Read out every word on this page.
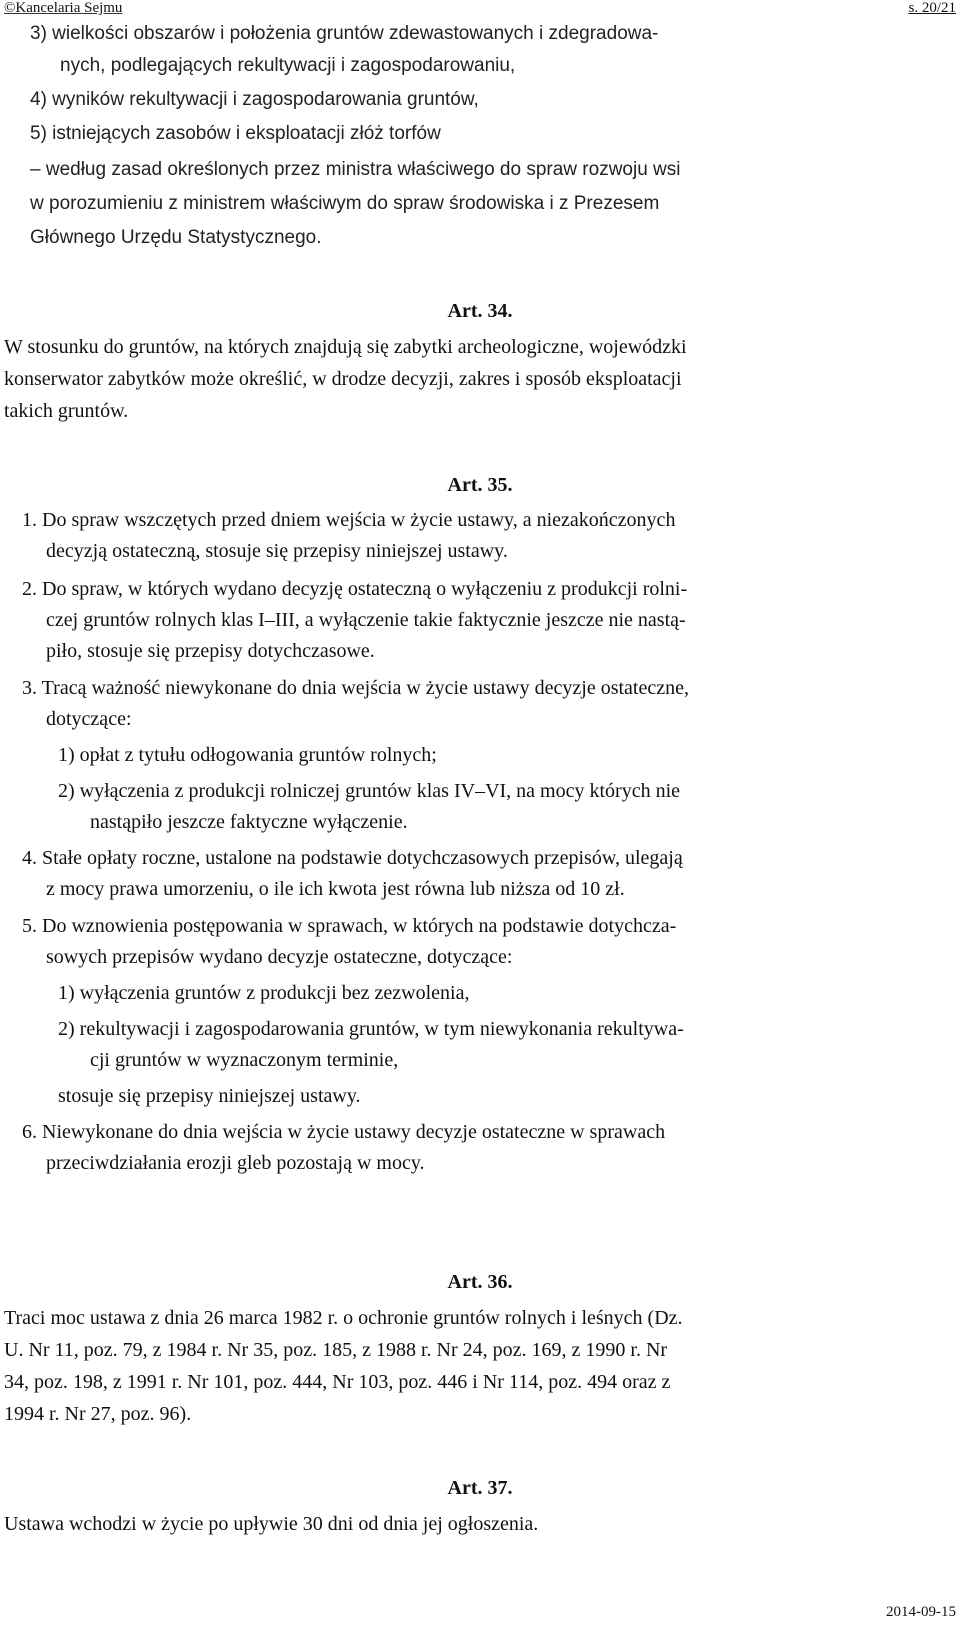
©Kancelaria Sejmu	s. 20/21
3) wielkości obszarów i położenia gruntów zdewastowanych i zdegradowa-
nych, podlegających rekultywacji i zagospodarowaniu,
4) wyników rekultywacji i zagospodarowania gruntów,
5) istniejących zasobów i eksploatacji złóż torfów
– według zasad określonych przez ministra właściwego do spraw rozwoju wsi
w porozumieniu z ministrem właściwym do spraw środowiska i z Prezesem
Głównego Urzędu Statystycznego.
Art. 34.
W stosunku do gruntów, na których znajdują się zabytki archeologiczne, wojewódzki
konserwator zabytków może określić, w drodze decyzji, zakres i sposób eksploatacji
takich gruntów.
Art. 35.
1. Do spraw wszczętych przed dniem wejścia w życie ustawy, a niezakończonych
decyzją ostateczną, stosuje się przepisy niniejszej ustawy.
2. Do spraw, w których wydano decyzję ostateczną o wyłączeniu z produkcji rolni-
czej gruntów rolnych klas I–III, a wyłączenie takie faktycznie jeszcze nie nastą-
piło, stosuje się przepisy dotychczasowe.
3. Tracą ważność niewykonane do dnia wejścia w życie ustawy decyzje ostateczne,
dotyczące:
1) opłat z tytułu odłogowania gruntów rolnych;
2) wyłączenia z produkcji rolniczej gruntów klas IV–VI, na mocy których nie
nastąpiło jeszcze faktyczne wyłączenie.
4. Stałe opłaty roczne, ustalone na podstawie dotychczasowych przepisów, ulegają
z mocy prawa umorzeniu, o ile ich kwota jest równa lub niższa od 10 zł.
5. Do wznowienia postępowania w sprawach, w których na podstawie dotychcza-
sowych przepisów wydano decyzje ostateczne, dotyczące:
1) wyłączenia gruntów z produkcji bez zezwolenia,
2) rekultywacji i zagospodarowania gruntów, w tym niewykonania rekultywa-
cji gruntów w wyznaczonym terminie,
stosuje się przepisy niniejszej ustawy.
6. Niewykonane do dnia wejścia w życie ustawy decyzje ostateczne w sprawach
przeciwdziałania erozji gleb pozostają w mocy.
Art. 36.
Traci moc ustawa z dnia 26 marca 1982 r. o ochronie gruntów rolnych i leśnych (Dz.
U. Nr 11, poz. 79, z 1984 r. Nr 35, poz. 185, z 1988 r. Nr 24, poz. 169, z 1990 r. Nr
34, poz. 198, z 1991 r. Nr 101, poz. 444, Nr 103, poz. 446 i Nr 114, poz. 494 oraz z
1994 r. Nr 27, poz. 96).
Art. 37.
Ustawa wchodzi w życie po upływie 30 dni od dnia jej ogłoszenia.
2014-09-15
